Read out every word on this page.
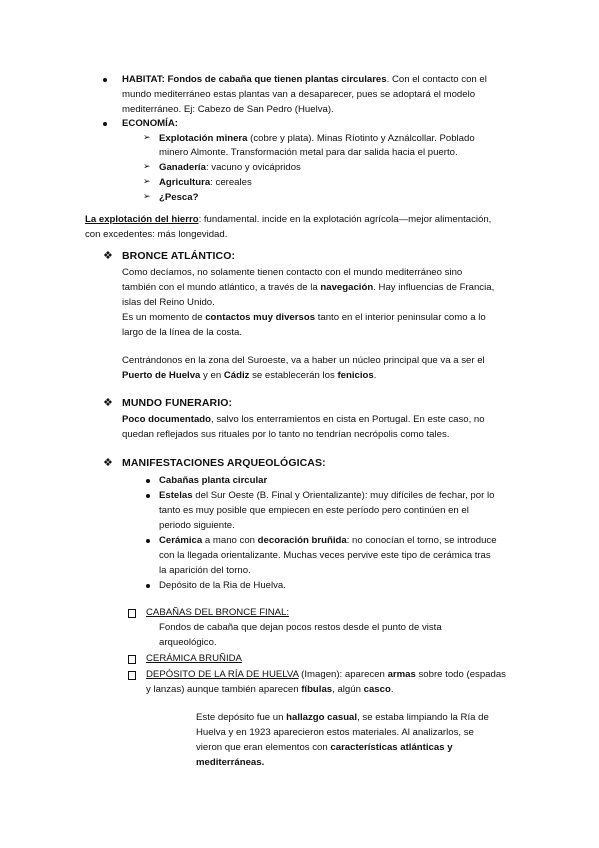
HABITAT: Fondos de cabaña que tienen plantas circulares. Con el contacto con el
mundo mediterráneo estas plantas van a desaparecer, pues se adoptará el modelo
mediterráneo. Ej: Cabezo de San Pedro (Huelva).
ECONOMÍA:
➢ Explotación minera (cobre y plata). Minas Ríotinto y Aználcollar. Poblado
minero Almonte. Transformación metal para dar salida hacia el puerto.
➢ Ganadería: vacuno y ovicápridos
➢ Agricultura: cereales
➢ ¿Pesca?
La explotación del hierro: fundamental. incide en la explotación agrícola—mejor alimentación,
con excedentes: más longevidad.
❖ BRONCE ATLÁNTICO:
Como decíamos, no solamente tienen contacto con el mundo mediterráneo sino
también con el mundo atlántico, a través de la navegación. Hay influencias de Francia,
islas del Reino Unido.
Es un momento de contactos muy diversos tanto en el interior peninsular como a lo
largo de la línea de la costa.
Centrándonos en la zona del Suroeste, va a haber un núcleo principal que va a ser el
Puerto de Huelva y en Cádiz se establecerán los fenicios.
❖ MUNDO FUNERARIO:
Poco documentado, salvo los enterramientos en cista en Portugal. En este caso, no
quedan reflejados sus rituales por lo tanto no tendrían necrópolis como tales.
❖ MANIFESTACIONES ARQUEOLÓGICAS:
Cabañas planta circular
Estelas del Sur Oeste (B. Final y Orientalizante): muy difíciles de fechar, por lo
tanto es muy posible que empiecen en este período pero continúen en el
periodo siguiente.
Cerámica a mano con decoración bruñida: no conocían el torno, se introduce
con la llegada orientalizante. Muchas veces pervive este tipo de cerámica tras
la aparición del torno.
Depósito de la Ria de Huelva.
CABAÑAS DEL BRONCE FINAL:
Fondos de cabaña que dejan pocos restos desde el punto de vista
arqueológico.
CERÁMICA BRUÑIDA
DEPÓSITO DE LA RÍA DE HUELVA (Imagen): aparecen armas sobre todo (espadas
y lanzas) aunque también aparecen fíbulas, algún casco.
Este depósito fue un hallazgo casual, se estaba limpiando la Ría de
Huelva y en 1923 aparecieron estos materiales. Al analizarlos, se
vieron que eran elementos con características atlánticas y
mediterráneas.
